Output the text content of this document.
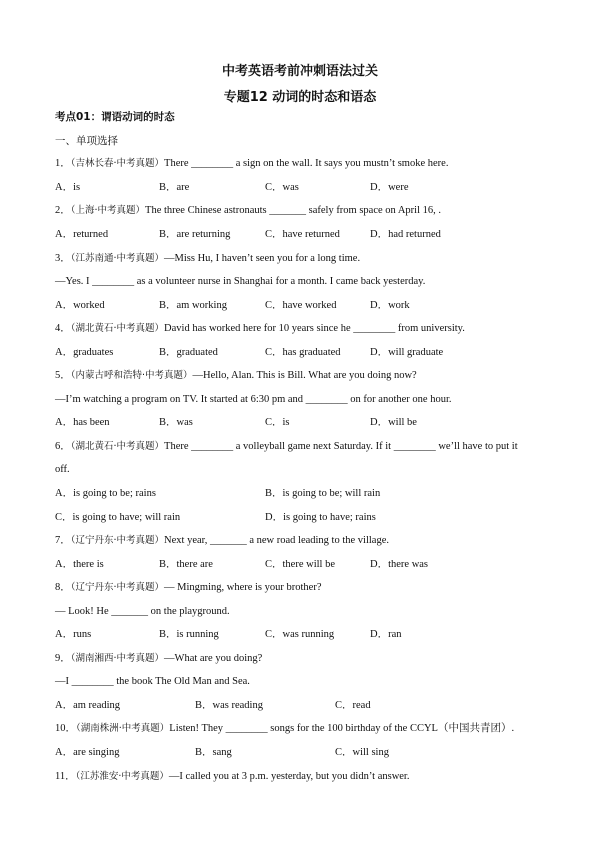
中考英语考前冲刺语法过关
专题12 动词的时态和语态
考点01：谓语动词的时态
一、单项选择
1．（吉林长春·中考真题）There ________ a sign on the wall. It says you mustn’t smoke here.
A．is	B．are	C．was	D．were
2．（上海·中考真题）The three Chinese astronauts _______ safely from space on April 16, .
A．returned	B．are returning	C．have returned	D．had returned
3．（江苏南通·中考真题）—Miss Hu, I haven’t seen you for a long time.
—Yes. I ________ as a volunteer nurse in Shanghai for a month. I came back yesterday.
A．worked	B．am working	C．have worked	D．work
4．（湖北黄石·中考真题）David has worked here for 10 years since he ________ from university.
A．graduates	B．graduated	C．has graduated	D．will graduate
5．（内蒙古呼和浩特·中考真题）—Hello, Alan. This is Bill. What are you doing now?
—I’m watching a program on TV. It started at 6:30 pm and ________ on for another one hour.
A．has been	B．was	C．is	D．will be
6．（湖北黄石·中考真题）There ________ a volleyball game next Saturday. If it ________ we’ll have to put it
off.
A．is going to be; rains	B．is going to be; will rain
C．is going to have; will rain	D．is going to have; rains
7．（辽宁丹东·中考真题）Next year, _______ a new road leading to the village.
A．there is	B．there are	C．there will be	D．there was
8．（辽宁丹东·中考真题）— Mingming, where is your brother?
— Look! He _______ on the playground.
A．runs	B．is running	C．was running	D．ran
9．（湖南湘西·中考真题）—What are you doing?
—I ________ the book The Old Man and Sea.
A．am reading	B．was reading	C．read
10．（湖南株洲·中考真题）Listen! They ________ songs for the 100 birthday of the CCYL（中国共青团）.
A．are singing	B．sang	C．will sing
11．（江苏淮安·中考真题）—I called you at 3 p.m. yesterday, but you didn’t answer.
